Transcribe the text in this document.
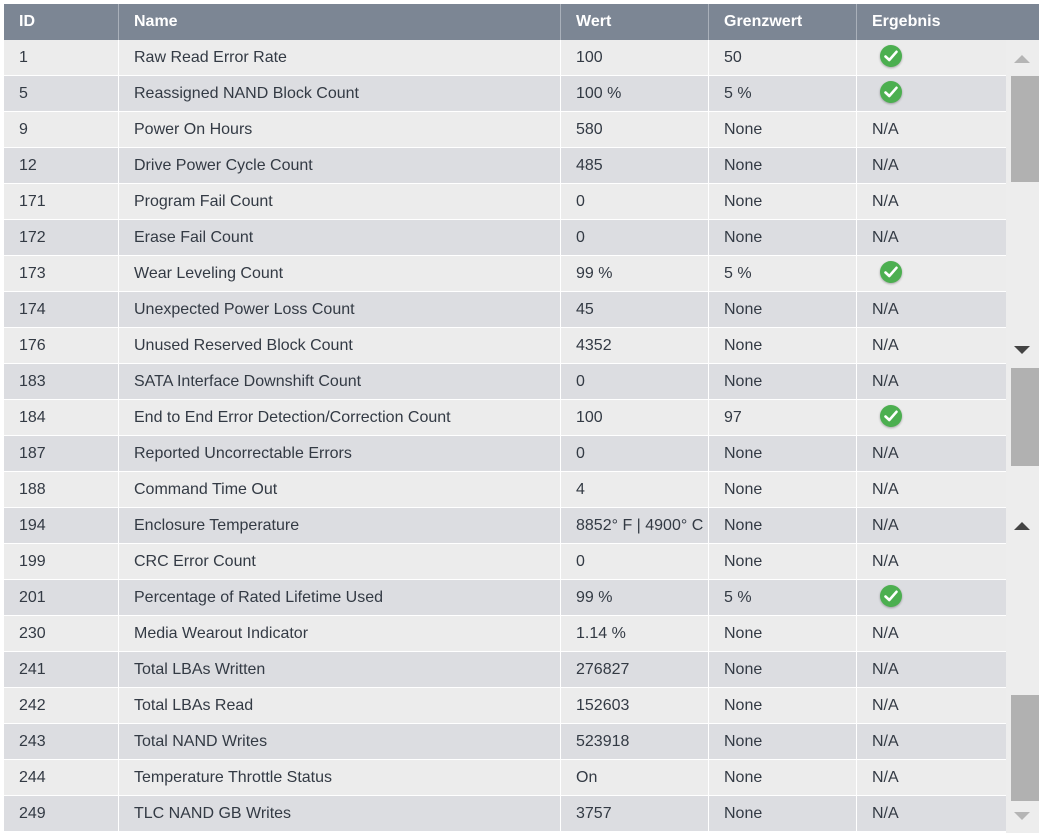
ID	Name	Wert	Grenzwert	Ergebnis
1	Raw Read Error Rate	100	50
5	Reassigned NAND Block Count	100 %	5 %
9	Power On Hours	580	None	N/A
12	Drive Power Cycle Count	485	None	N/A
171	Program Fail Count	0	None	N/A
172	Erase Fail Count	0	None	N/A
173	Wear Leveling Count	99 %	5 %
174	Unexpected Power Loss Count	45	None	N/A
176	Unused Reserved Block Count	4352	None	N/A
183	SATA Interface Downshift Count	0	None	N/A
184	End to End Error Detection/Correction Count	100	97
187	Reported Uncorrectable Errors	0	None	N/A
188	Command Time Out	4	None	N/A
194	Enclosure Temperature	8852° F | 4900° C	None	N/A
199	CRC Error Count	0	None	N/A
201	Percentage of Rated Lifetime Used	99 %	5 %
230	Media Wearout Indicator	1.14 %	None	N/A
241	Total LBAs Written	276827	None	N/A
242	Total LBAs Read	152603	None	N/A
243	Total NAND Writes	523918	None	N/A
244	Temperature Throttle Status	On	None	N/A
249	TLC NAND GB Writes	3757	None	N/A
